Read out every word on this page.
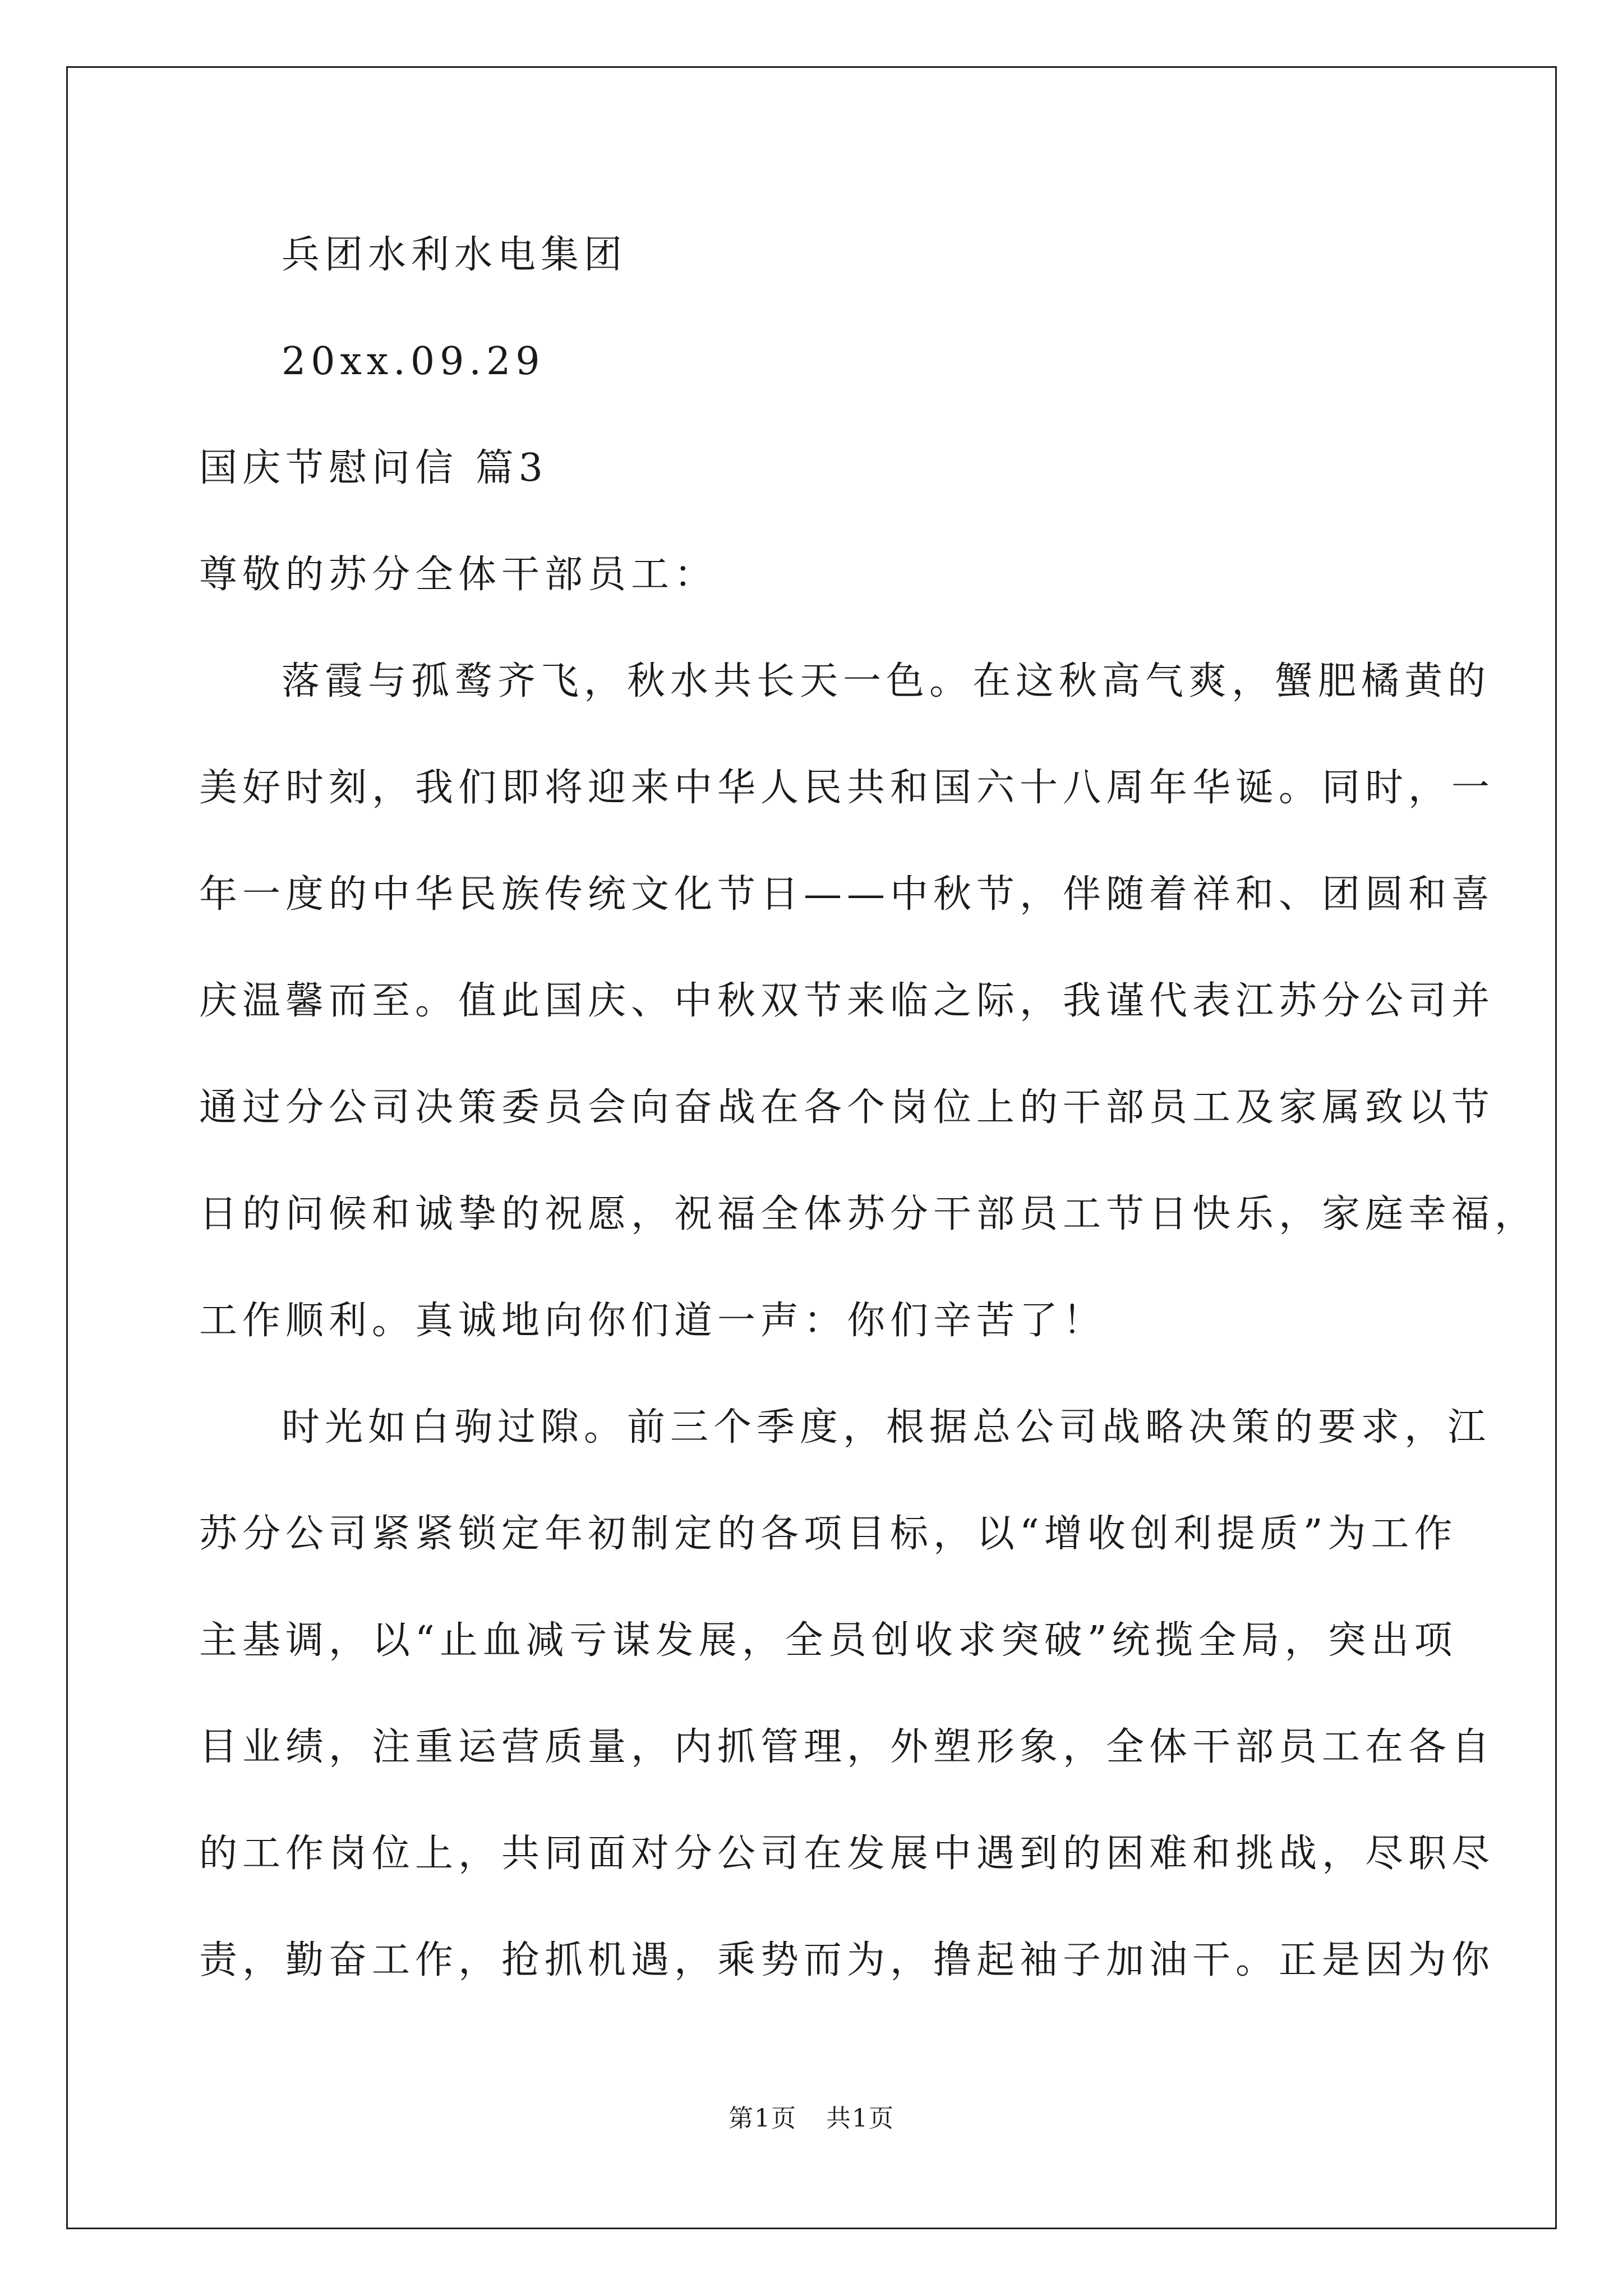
兵团水利水电集团

20xx.09.29

国庆节慰问信 篇3

尊敬的苏分全体干部员工：

落霞与孤鹜齐飞，秋水共长天一色。在这秋高气爽，蟹肥橘黄的

美好时刻，我们即将迎来中华人民共和国六十八周年华诞。同时，一

年一度的中华民族传统文化节日——中秋节，伴随着祥和、团圆和喜

庆温馨而至。值此国庆、中秋双节来临之际，我谨代表江苏分公司并

通过分公司决策委员会向奋战在各个岗位上的干部员工及家属致以节

日的问候和诚挚的祝愿，祝福全体苏分干部员工节日快乐，家庭幸福，

工作顺利。真诚地向你们道一声：你们辛苦了！

时光如白驹过隙。前三个季度，根据总公司战略决策的要求，江

苏分公司紧紧锁定年初制定的各项目标，以“增收创利提质”为工作

主基调，以“止血减亏谋发展，全员创收求突破”统揽全局，突出项

目业绩，注重运营质量，内抓管理，外塑形象，全体干部员工在各自

的工作岗位上，共同面对分公司在发展中遇到的困难和挑战，尽职尽

责，勤奋工作，抢抓机遇，乘势而为，撸起袖子加油干。正是因为你

第1页 共1页
